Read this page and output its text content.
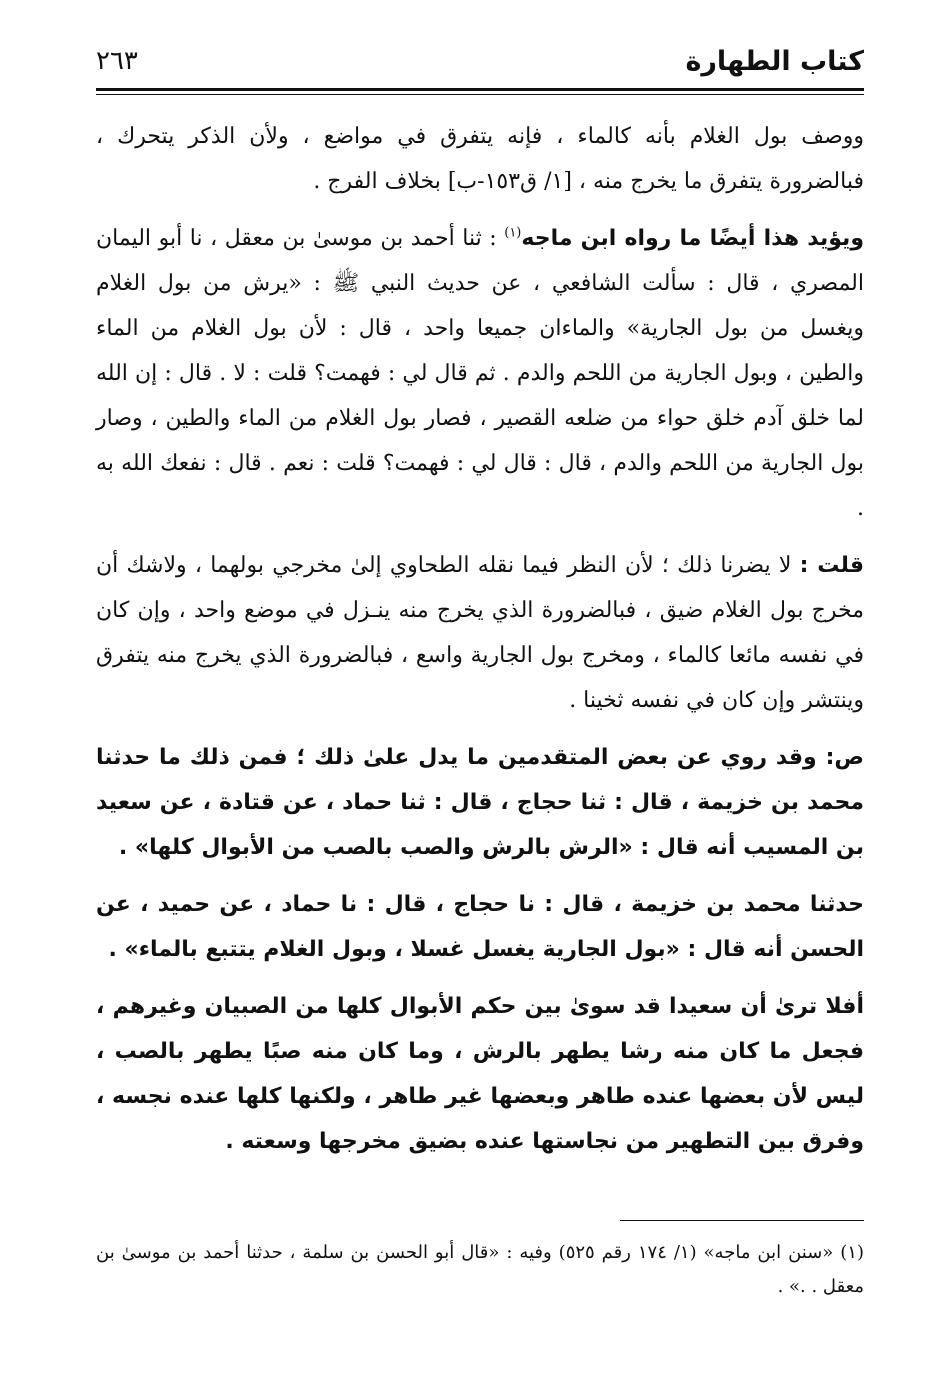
كتاب الطهارة
٢٦٣

ووصف بول الغلام بأنه كالماء ، فإنه يتفرق في مواضع ، ولأن الذكر يتحرك ، فبالضرورة يتفرق ما يخرج منه ، [١/ ق١٥٣-ب] بخلاف الفرج .

ويؤيد هذا أيضًا ما رواه ابن ماجه$^{(١)}$ : ثنا أحمد بن موسىٰ بن معقل ، نا أبو اليمان المصري ، قال : سألت الشافعي ، عن حديث النبي ﷺ : «يرش من بول الغلام ويغسل من بول الجارية» والماءان جميعا واحد ، قال : لأن بول الغلام من الماء والطين ، وبول الجارية من اللحم والدم . ثم قال لي : فهمت؟ قلت : لا . قال : إن الله لما خلق آدم خلق حواء من ضلعه القصير ، فصار بول الغلام من الماء والطين ، وصار بول الجارية من اللحم والدم ، قال : قال لي : فهمت؟ قلت : نعم . قال : نفعك الله به .

قلت : لا يضرنا ذلك ؛ لأن النظر فيما نقله الطحاوي إلىٰ مخرجي بولهما ، ولاشك أن مخرج بول الغلام ضيق ، فبالضرورة الذي يخرج منه ينـزل في موضع واحد ، وإن كان في نفسه مائعا كالماء ، ومخرج بول الجارية واسع ، فبالضرورة الذي يخرج منه يتفرق وينتشر وإن كان في نفسه ثخينا .

ص: وقد روي عن بعض المتقدمين ما يدل علىٰ ذلك ؛ فمن ذلك ما حدثنا محمد بن خزيمة ، قال : ثنا حجاج ، قال : ثنا حماد ، عن قتادة ، عن سعيد بن المسيب أنه قال : «الرش بالرش والصب بالصب من الأبوال كلها» .

حدثنا محمد بن خزيمة ، قال : نا حجاج ، قال : نا حماد ، عن حميد ، عن الحسن أنه قال : «بول الجارية يغسل غسلا ، وبول الغلام يتتبع بالماء» .

أفلا ترىٰ أن سعيدا قد سوىٰ بين حكم الأبوال كلها من الصبيان وغيرهم ، فجعل ما كان منه رشا يطهر بالرش ، وما كان منه صبًا يطهر بالصب ، ليس لأن بعضها عنده طاهر وبعضها غير طاهر ، ولكنها كلها عنده نجسه ، وفرق بين التطهير من نجاستها عنده بضيق مخرجها وسعته .

(١) «سنن ابن ماجه» (١/ ١٧٤ رقم ٥٢٥) وفيه : «قال أبو الحسن بن سلمة ، حدثنا أحمد بن موسىٰ بن معقل . .» .
